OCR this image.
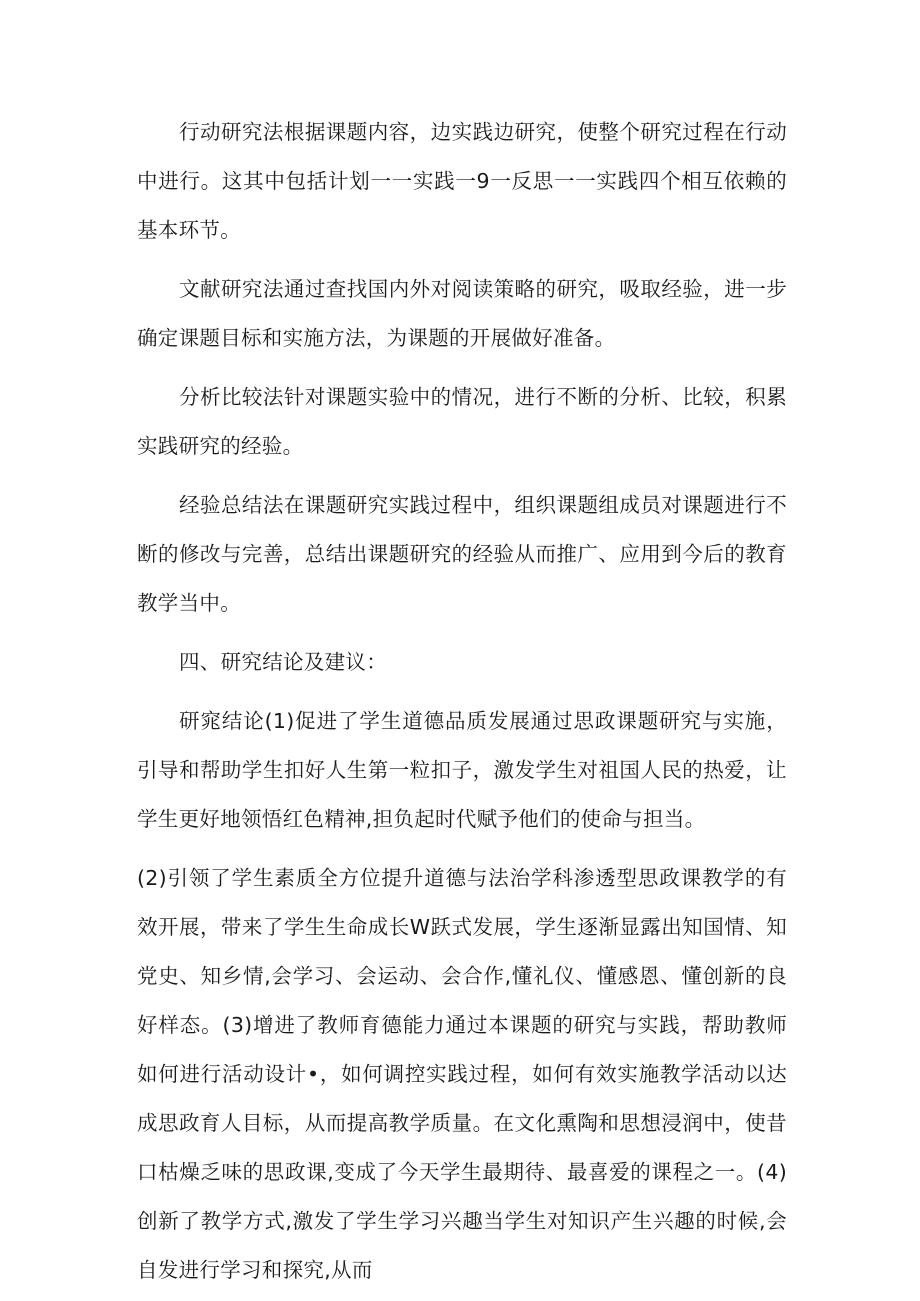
行动研究法根据课题内容，边实践边研究，使整个研究过程在行动中进行。这其中包括计划一一实践一9一反思一一实践四个相互依赖的基本环节。

文献研究法通过查找国内外对阅读策略的研究，吸取经验，进一步确定课题目标和实施方法，为课题的开展做好准备。

分析比较法针对课题实验中的情况，进行不断的分析、比较，积累实践研究的经验。

经验总结法在课题研究实践过程中，组织课题组成员对课题进行不断的修改与完善，总结出课题研究的经验从而推广、应用到今后的教育教学当中。

四、研究结论及建议：

研窕结论(1)促进了学生道德品质发展通过思政课题研究与实施，引导和帮助学生扣好人生第一粒扣子，激发学生对祖国人民的热爱，让学生更好地领悟红色精神,担负起时代赋予他们的使命与担当。

(2)引领了学生素质全方位提升道德与法治学科渗透型思政课教学的有效开展，带来了学生生命成长W跃式发展，学生逐渐显露出知国情、知党史、知乡情,会学习、会运动、会合作,懂礼仪、懂感恩、懂创新的良好样态。(3)增进了教师育德能力通过本课题的研究与实践，帮助教师如何进行活动设计•，如何调控实践过程，如何有效实施教学活动以达成思政育人目标，从而提高教学质量。在文化熏陶和思想浸润中，使昔口枯燥乏味的思政课,变成了今天学生最期待、最喜爱的课程之一。(4)创新了教学方式,激发了学生学习兴趣当学生对知识产生兴趣的时候,会自发进行学习和探究,从而
